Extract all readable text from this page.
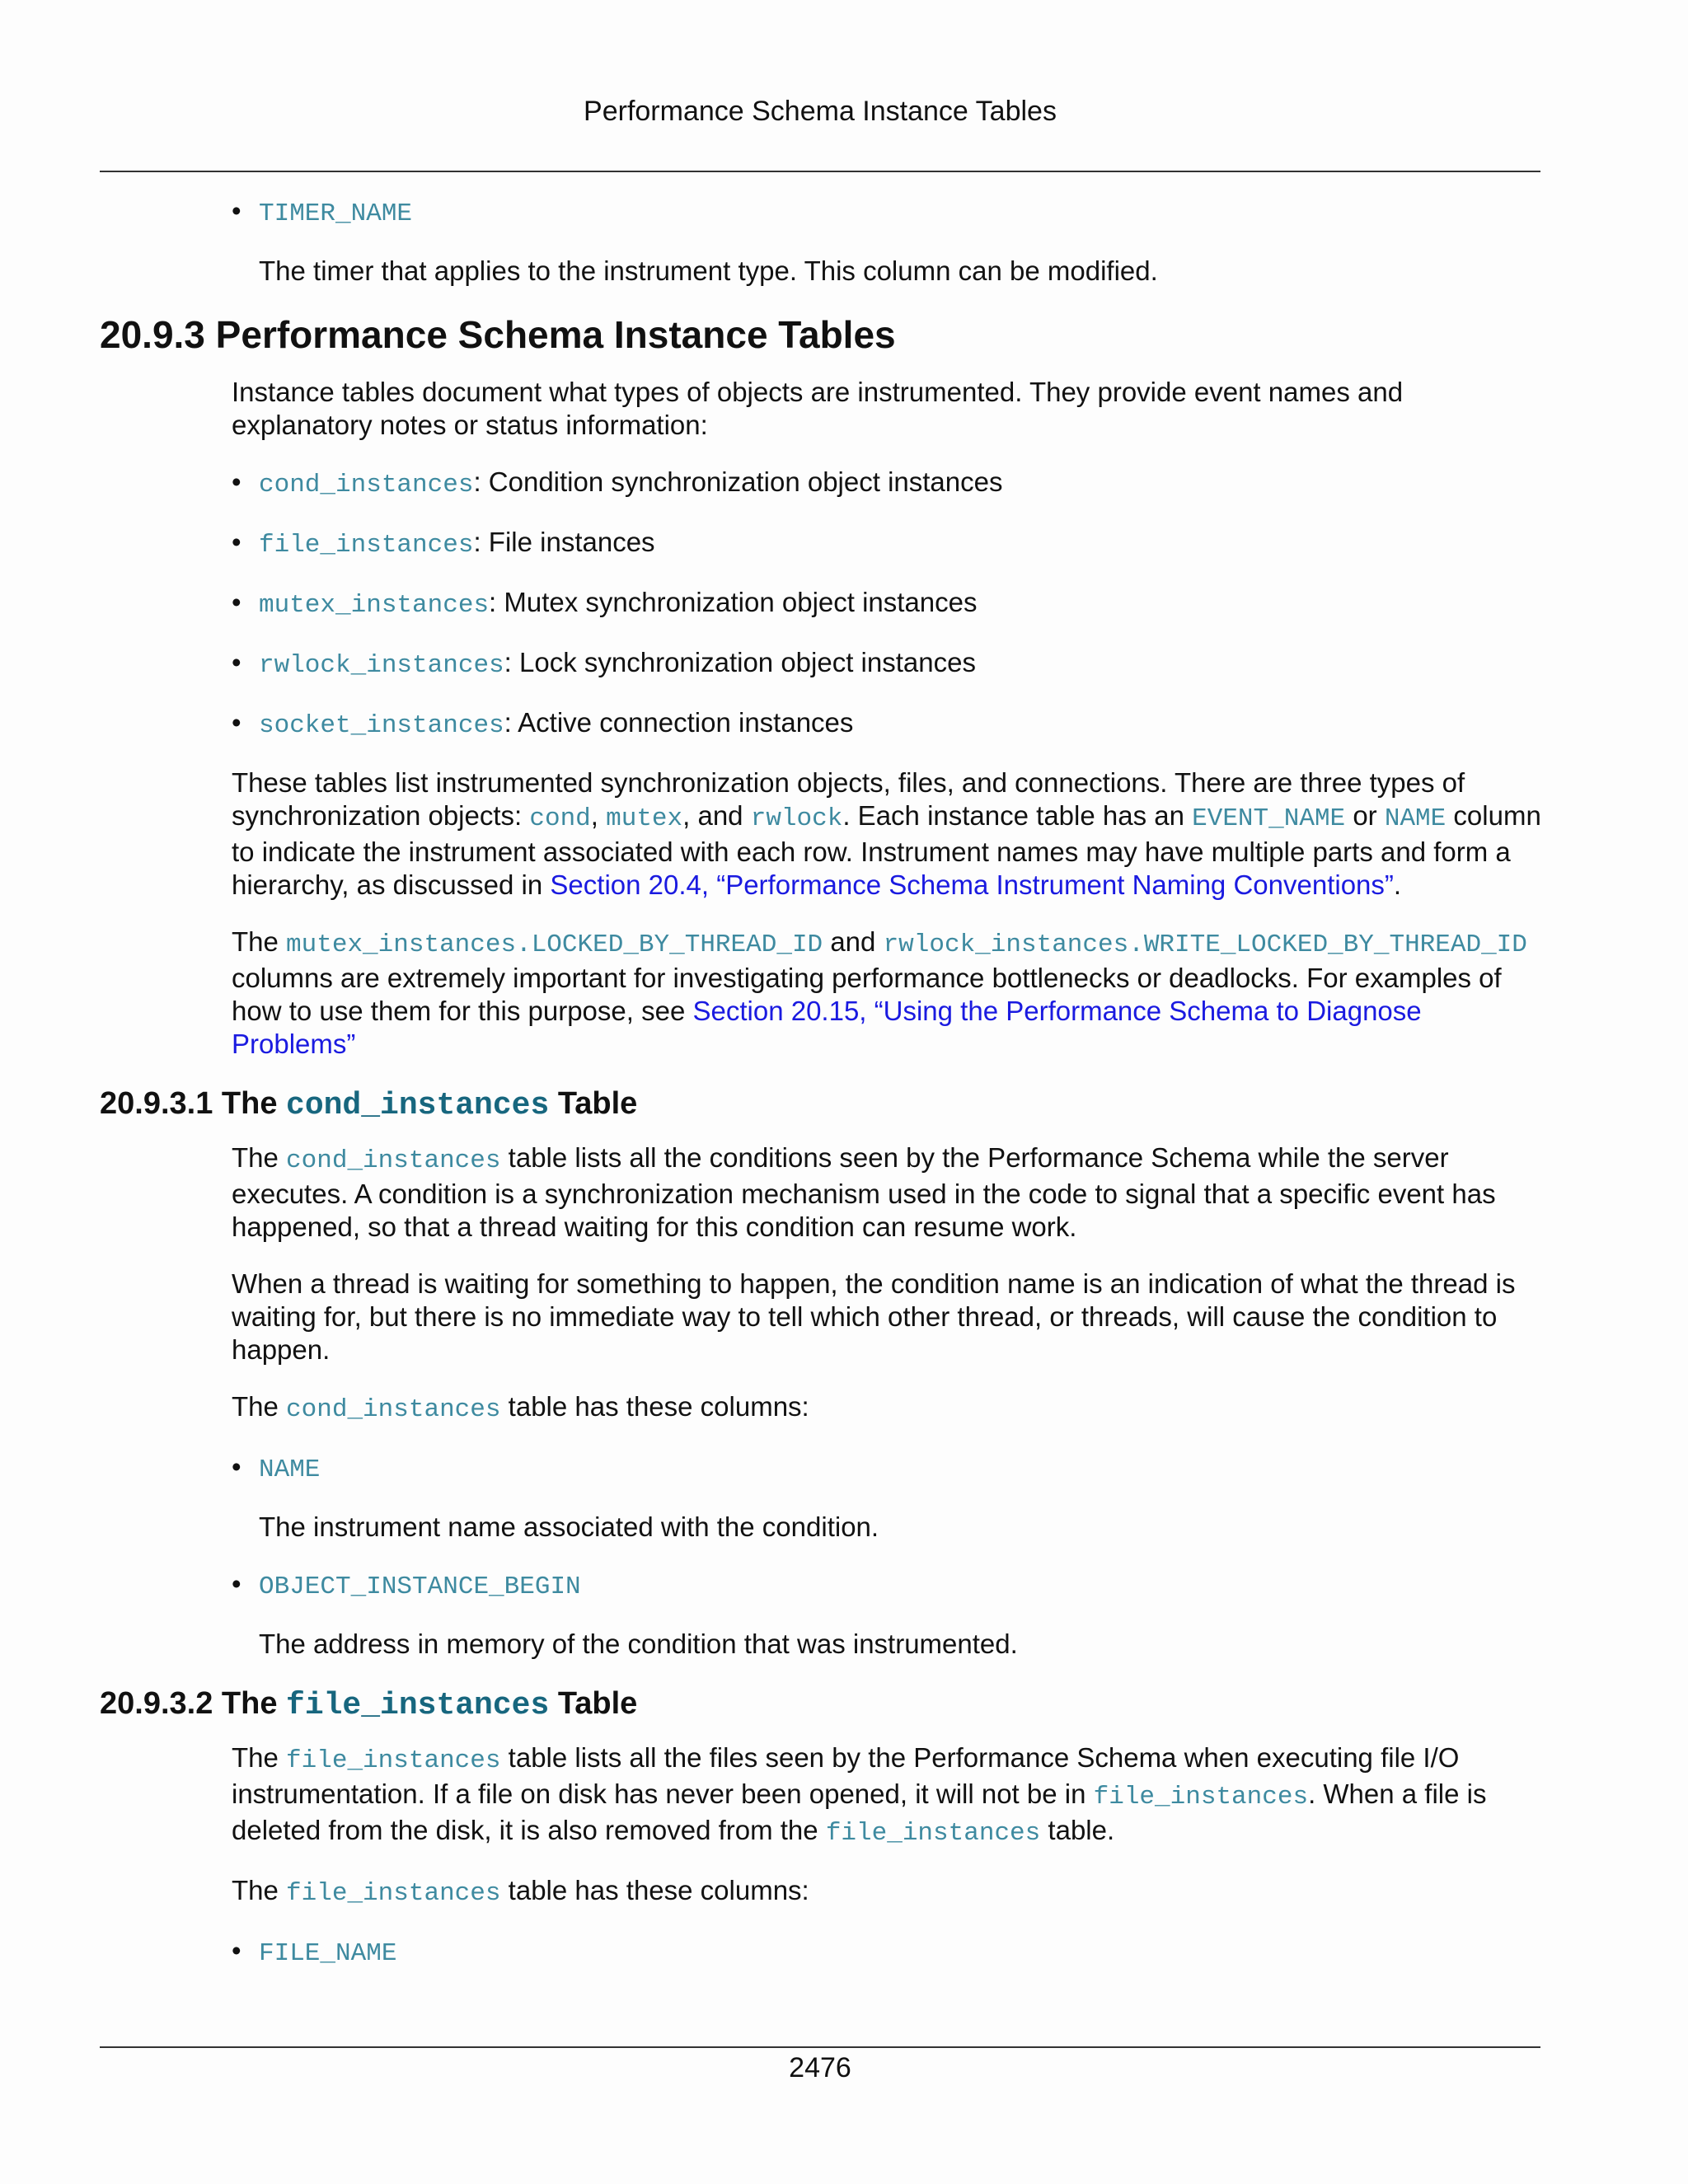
Performance Schema Instance Tables
• TIMER_NAME

The timer that applies to the instrument type. This column can be modified.

20.9.3 Performance Schema Instance Tables

Instance tables document what types of objects are instrumented. They provide event names and explanatory notes or status information:

• cond_instances: Condition synchronization object instances
• file_instances: File instances
• mutex_instances: Mutex synchronization object instances
• rwlock_instances: Lock synchronization object instances
• socket_instances: Active connection instances

These tables list instrumented synchronization objects, files, and connections. There are three types of synchronization objects: cond, mutex, and rwlock. Each instance table has an EVENT_NAME or NAME column to indicate the instrument associated with each row. Instrument names may have multiple parts and form a hierarchy, as discussed in Section 20.4, “Performance Schema Instrument Naming Conventions”.

The mutex_instances.LOCKED_BY_THREAD_ID and rwlock_instances.WRITE_LOCKED_BY_THREAD_ID columns are extremely important for investigating performance bottlenecks or deadlocks. For examples of how to use them for this purpose, see Section 20.15, “Using the Performance Schema to Diagnose Problems”

20.9.3.1 The cond_instances Table

The cond_instances table lists all the conditions seen by the Performance Schema while the server executes. A condition is a synchronization mechanism used in the code to signal that a specific event has happened, so that a thread waiting for this condition can resume work.

When a thread is waiting for something to happen, the condition name is an indication of what the thread is waiting for, but there is no immediate way to tell which other thread, or threads, will cause the condition to happen.

The cond_instances table has these columns:

• NAME

The instrument name associated with the condition.

• OBJECT_INSTANCE_BEGIN

The address in memory of the condition that was instrumented.

20.9.3.2 The file_instances Table

The file_instances table lists all the files seen by the Performance Schema when executing file I/O instrumentation. If a file on disk has never been opened, it will not be in file_instances. When a file is deleted from the disk, it is also removed from the file_instances table.

The file_instances table has these columns:

• FILE_NAME
2476
